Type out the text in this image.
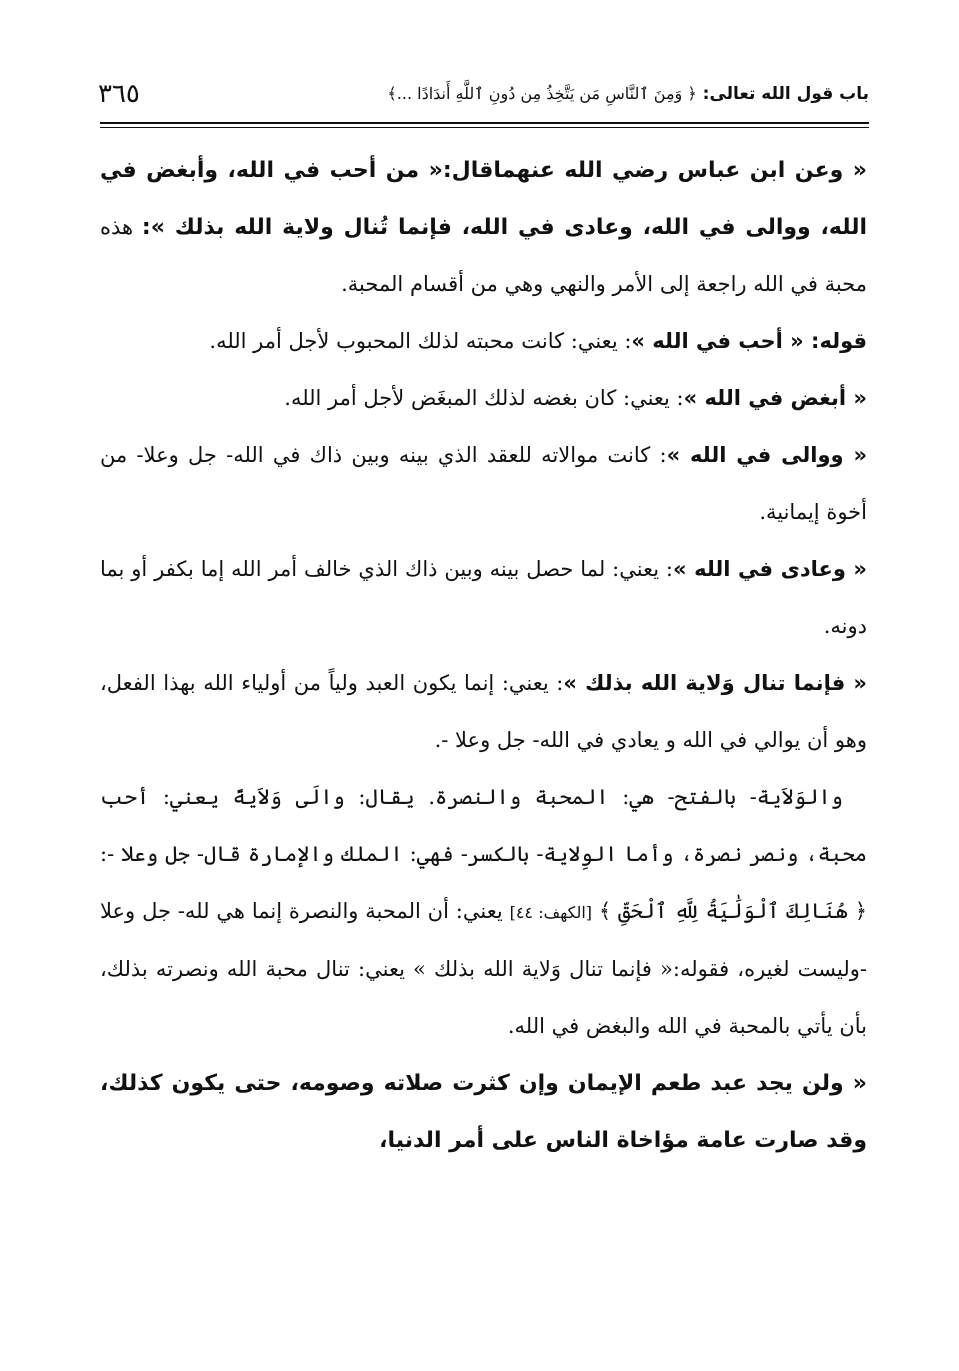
باب قول الله تعالى: ﴿ وَمِنَ ٱلنَّاسِ مَن يَتَّخِذُ مِن دُونِ ٱللَّهِ أَندَادًا ...﴾
٣٦٥

« وعن ابن عباس رضي الله عنهماقال:« من أحب في الله، وأبغض في الله، ووالى في الله، وعادى في الله، فإنما تُنال ولاية الله بذلك »: هذه محبة في الله راجعة إلى الأمر والنهي وهي من أقسام المحبة.

قوله: « أحب في الله »: يعني: كانت محبته لذلك المحبوب لأجل أمر الله.

« أبغض في الله »: يعني: كان بغضه لذلك المبغَض لأجل أمر الله.

« ووالى في الله »: كانت موالاته للعقد الذي بينه وبين ذاك في الله- جل وعلا- من أخوة إيمانية.

« وعادى في الله »: يعني: لما حصل بينه وبين ذاك الذي خالف أمر الله إما بكفر أو بما دونه.

« فإنما تنال وَلاية الله بذلك »: يعني: إنما يكون العبد ولياً من أولياء الله بهذا الفعل، وهو أن يوالي في الله و يعادي في الله- جل وعلا -.

والوَلاَية- بالفتح- هي: المحبة والنصرة. يقال: والَى وَلاَيةً يعني: أحب محبة، ونصر نصرة، وأما الوِلاية- بالكسر- فهي: الملك والإمارة قال- جل وعلا -: ﴿ هُنَالِكَ ٱلْوَلَٰيَةُ لِلَّهِ ٱلْحَقِّ ﴾ [الكهف: ٤٤] يعني: أن المحبة والنصرة إنما هي لله- جل وعلا -وليست لغيره، فقوله:« فإنما تنال وَلاية الله بذلك » يعني: تنال محبة الله ونصرته بذلك، بأن يأتي بالمحبة في الله والبغض في الله.

« ولن يجد عبد طعم الإيمان وإن كثرت صلاته وصومه، حتى يكون كذلك، وقد صارت عامة مؤاخاة الناس على أمر الدنيا،
